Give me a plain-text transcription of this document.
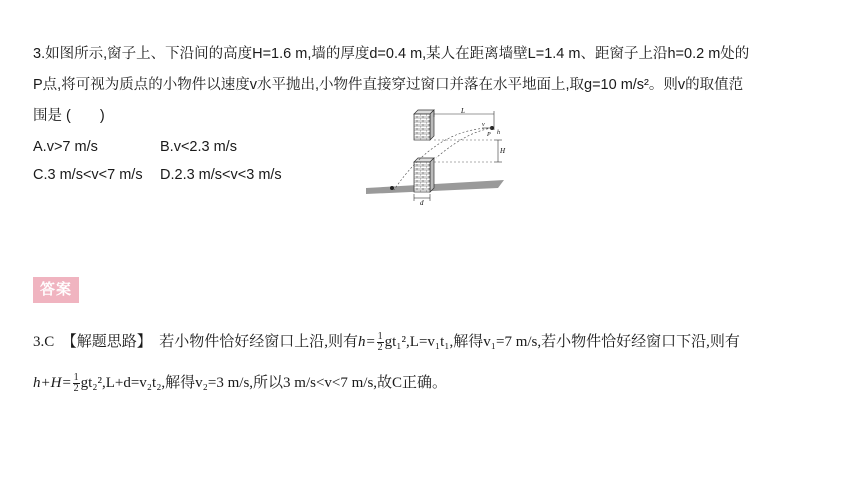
3.如图所示,窗子上、下沿间的高度H=1.6 m,墙的厚度d=0.4 m,某人在距离墙壁L=1.4 m、距窗子上沿h=0.2 m处的
P点,将可视为质点的小物件以速度v水平抛出,小物件直接穿过窗口并落在水平地面上,取g=10 m/s²。则v的取值范
围是 (　　)
A.v>7 m/s	B.v<2.3 m/s
C.3 m/s<v<7 m/s D.2.3 m/s<v<3 m/s
L
v
P h
H
d
答案
3.C　【解题思路】　若小物件恰好经窗口上沿,则有$h= \frac{1}{2} gt_1^2,L=v_1t_1$,解得v₁=7 m/s,若小物件恰好经窗口下沿,则有
$h+H= \frac{1}{2} gt_2^2,L+d=v_2t_2$,解得v₂=3 m/s,所以3 m/s<v<7 m/s,故C正确。
